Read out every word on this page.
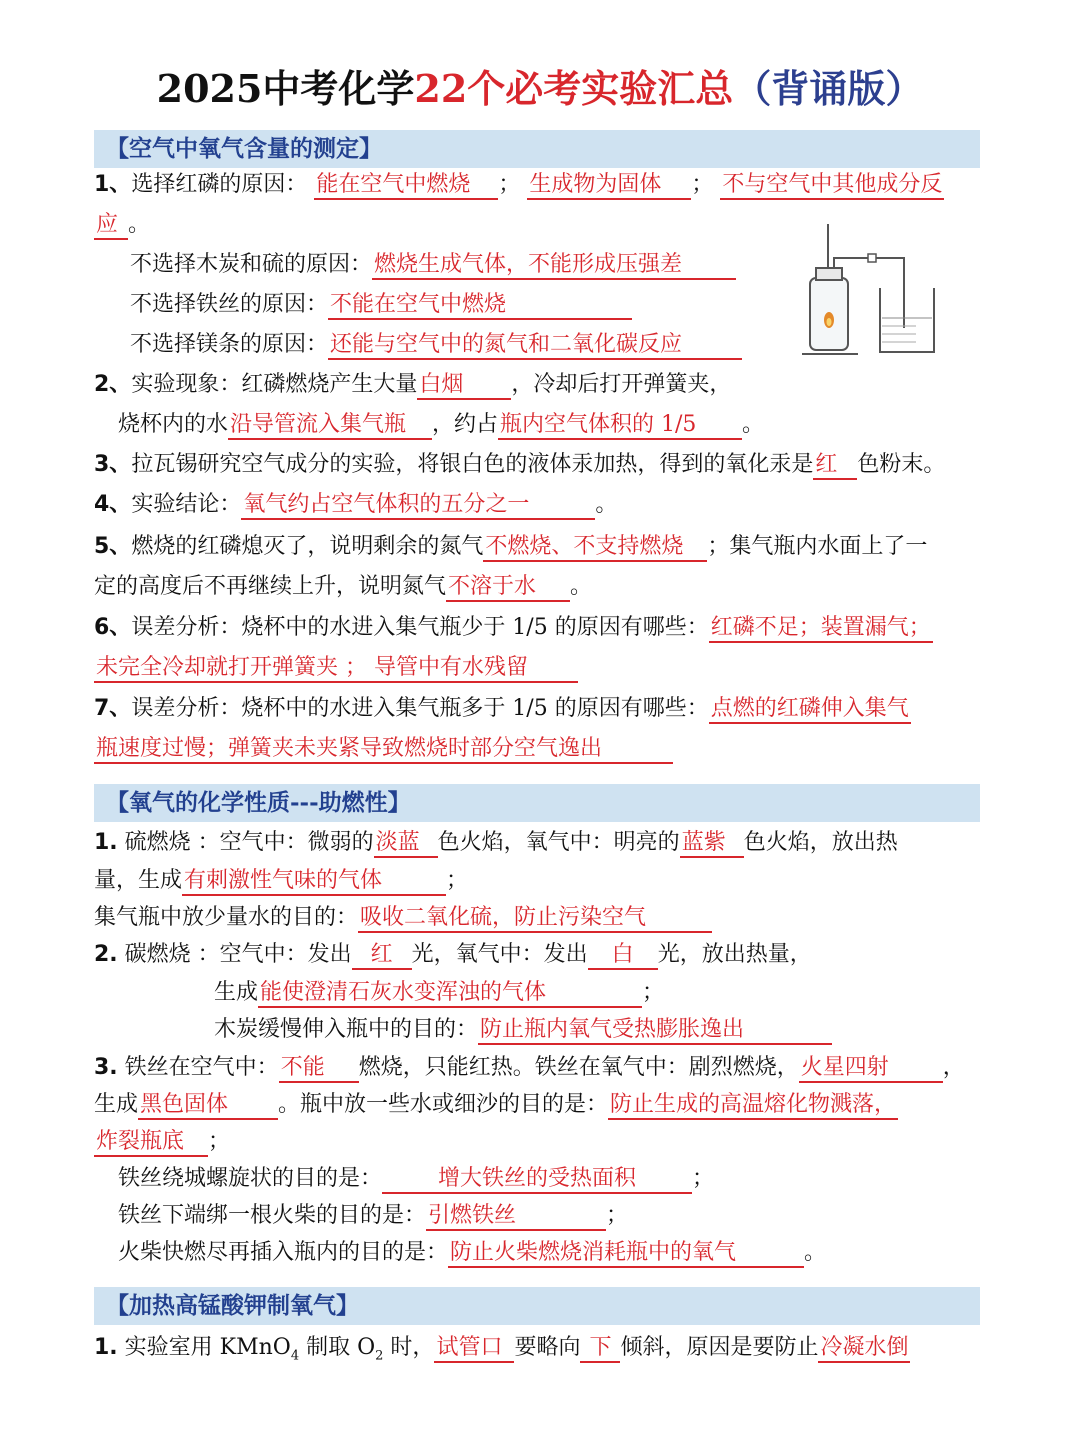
2025中考化学22个必考实验汇总（背诵版）
【空气中氧气含量的测定】
1、选择红磷的原因： 能在空气中燃烧 ； 生成物为固体 ； 不与空气中其他成分反
应 。
不选择木炭和硫的原因：燃烧生成气体，不能形成压强差
不选择铁丝的原因：不能在空气中燃烧
不选择镁条的原因：还能与空气中的氮气和二氧化碳反应
2、实验现象：红磷燃烧产生大量白烟 ，冷却后打开弹簧夹，
烧杯内的水沿导管流入集气瓶 ，约占瓶内空气体积的 1/5 。
3、拉瓦锡研究空气成分的实验，将银白色的液体汞加热，得到的氧化汞是红 色粉末。
4、实验结论：氧气约占空气体积的五分之一	。
5、燃烧的红磷熄灭了，说明剩余的氮气不燃烧、不支持燃烧 ；集气瓶内水面上了一
定的高度后不再继续上升，说明氮气不溶于水 。
6、误差分析：烧杯中的水进入集气瓶少于 1/5 的原因有哪些：红磷不足；装置漏气；
未完全冷却就打开弹簧夹 ； 导管中有水残留
7、误差分析：烧杯中的水进入集气瓶多于 1/5 的原因有哪些：点燃的红磷伸入集气
瓶速度过慢；弹簧夹未夹紧导致燃烧时部分空气逸出
【氧气的化学性质---助燃性】
1. 硫燃烧 ：空气中：微弱的淡蓝 色火焰，氧气中：明亮的蓝紫 色火焰，放出热
量，生成有刺激性气味的气体	；
集气瓶中放少量水的目的：吸收二氧化硫，防止污染空气
2. 碳燃烧 ：空气中：发出 红 光，氧气中：发出 白 光，放出热量，
生成能使澄清石灰水变浑浊的气体	；
木炭缓慢伸入瓶中的目的：防止瓶内氧气受热膨胀逸出
3. 铁丝在空气中：不能 燃烧，只能红热。铁丝在氧气中：剧烈燃烧，火星四射 ，
生成黑色固体 。瓶中放一些水或细沙的目的是：防止生成的高温熔化物溅落，
炸裂瓶底 ；
铁丝绕城螺旋状的目的是：	增大铁丝的受热面积	；
铁丝下端绑一根火柴的目的是：引燃铁丝	；
火柴快燃尽再插入瓶内的目的是：防止火柴燃烧消耗瓶中的氧气	。
【加热高锰酸钾制氧气】
1. 实验室用 KMnO$_4$ 制取 $O_2$ 时，试管口 要略向 下 倾斜，原因是要防止冷凝水倒
